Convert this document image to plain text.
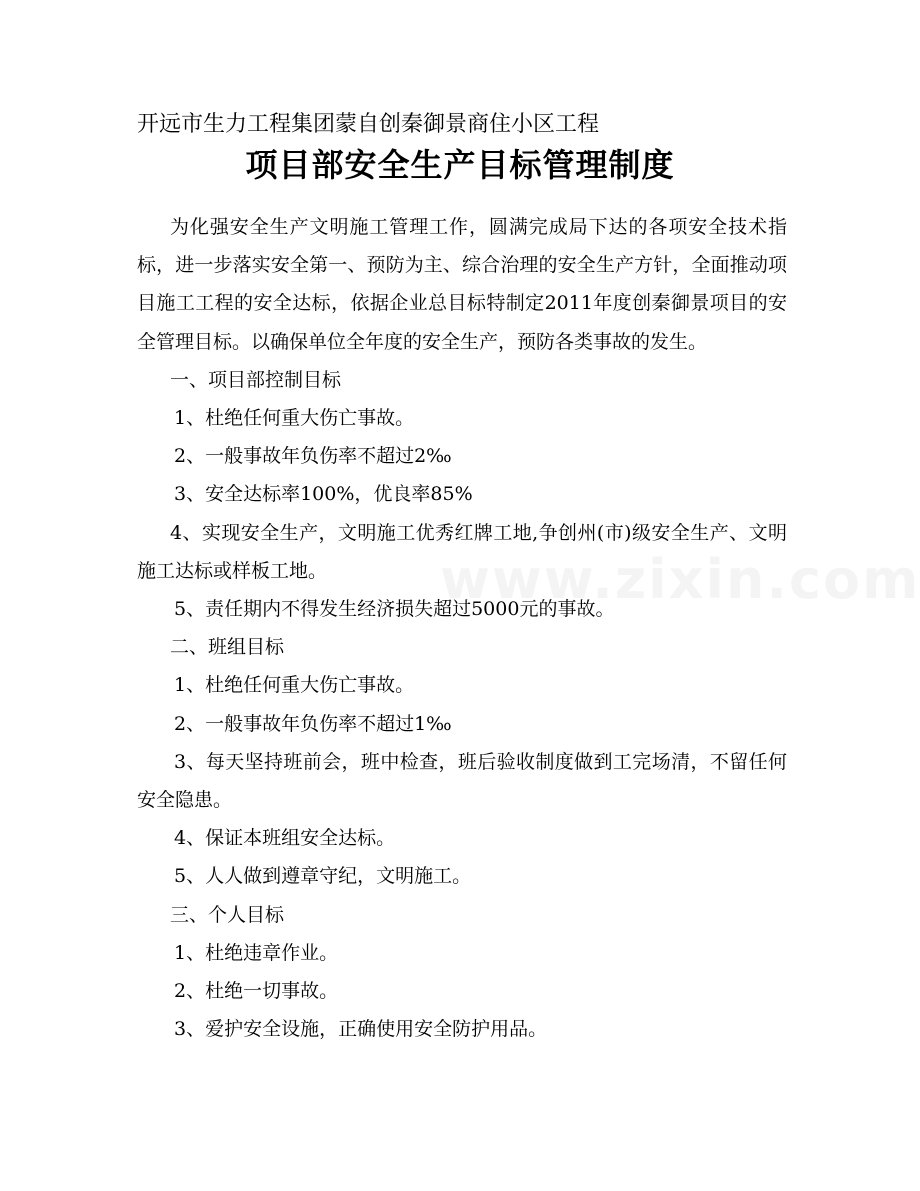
开远市生力工程集团蒙自创秦御景商住小区工程
项目部安全生产目标管理制度

为化强安全生产文明施工管理工作，圆满完成局下达的各项安全技术指标，进一步落实安全第一、预防为主、综合治理的安全生产方针，全面推动项目施工工程的安全达标，依据企业总目标特制定2011年度创秦御景项目的安全管理目标。以确保单位全年度的安全生产，预防各类事故的发生。

一、项目部控制目标

1、杜绝任何重大伤亡事故。

2、一般事故年负伤率不超过2‰

3、安全达标率100%，优良率85%

4、实现安全生产，文明施工优秀红牌工地,争创州(市)级安全生产、文明施工达标或样板工地。

5、责任期内不得发生经济损失超过5000元的事故。

二、班组目标

1、杜绝任何重大伤亡事故。

2、一般事故年负伤率不超过1‰

3、每天坚持班前会，班中检查，班后验收制度做到工完场清，不留任何安全隐患。

4、保证本班组安全达标。

5、人人做到遵章守纪，文明施工。

三、个人目标

1、杜绝违章作业。

2、杜绝一切事故。

3、爱护安全设施，正确使用安全防护用品。
